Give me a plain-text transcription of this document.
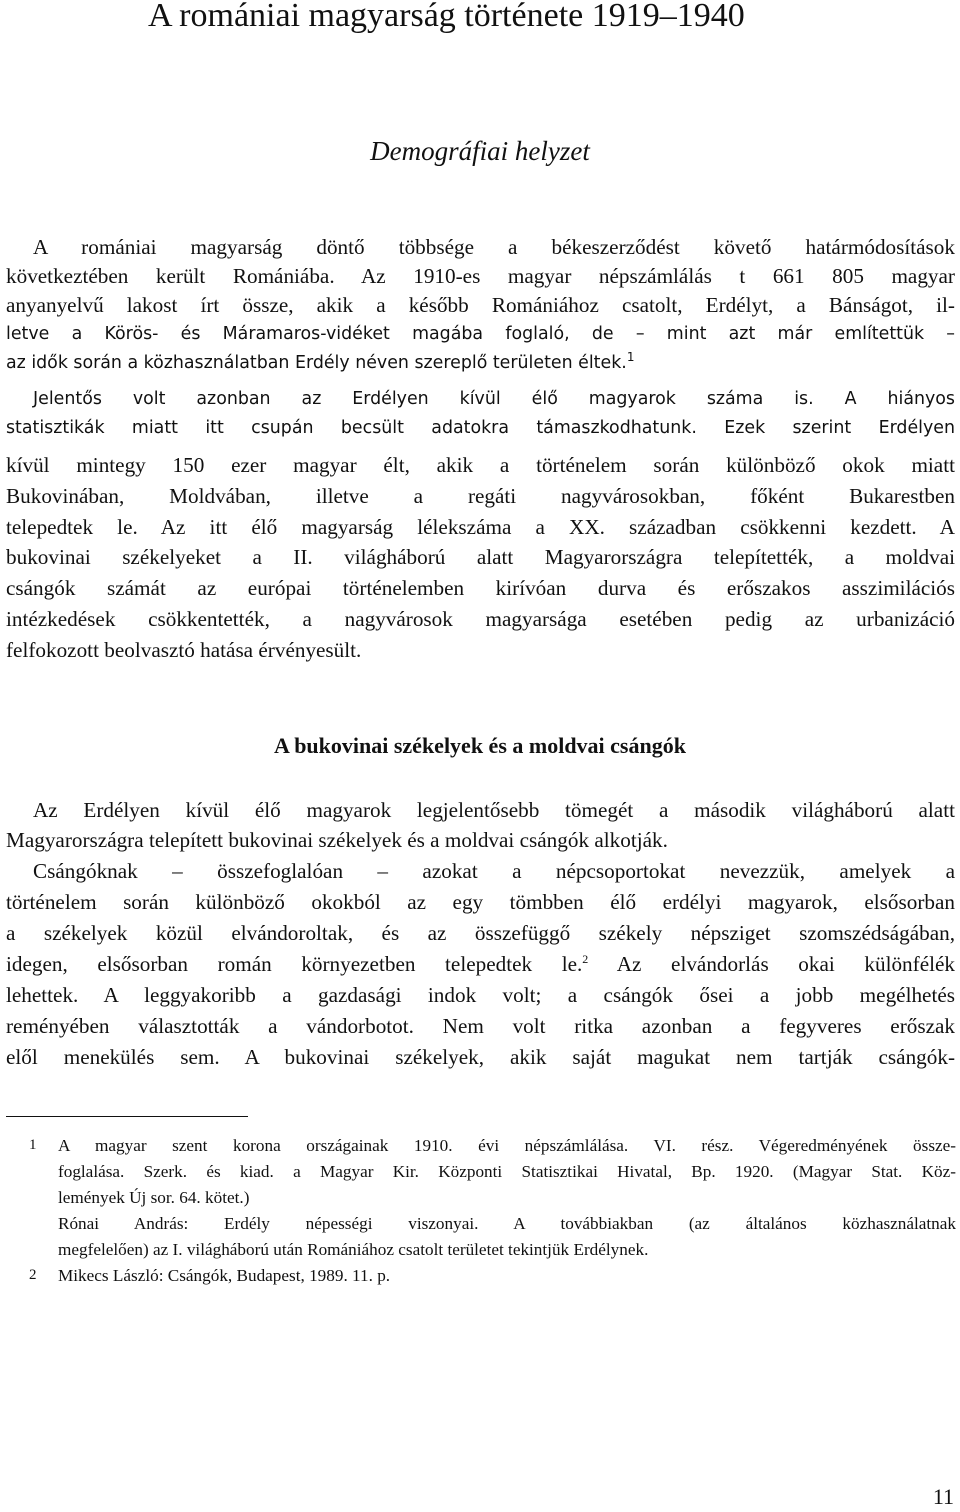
A romániai magyarság története 1919–1940
Demográfiai helyzet

A romániai magyarság döntő többsége a békeszerződést követő határmódosítások

következtében került Romániába. Az 1910-es magyar népszámlálás t 661 805 magyar

anyanyelvű lakost írt össze, akik a később Romániához csatolt, Erdélyt, a Bánságot, il-

letve a Körös- és Máramaros-vidéket magába foglaló, de – mint azt már említettük –

az idők során a közhasználatban Erdély néven szereplő területen éltek.$^1$

Jelentős volt azonban az Erdélyen kívül élő magyarok száma is. A hiányos

statisztikák miatt itt csupán becsült adatokra támaszkodhatunk. Ezek szerint Erdélyen

kívül mintegy 150 ezer magyar élt, akik a történelem során különböző okok miatt

Bukovinában, Moldvában, illetve a regáti nagyvárosokban, főként Bukarestben

telepedtek le. Az itt élő magyarság lélekszáma a XX. században csökkenni kezdett. A

bukovinai székelyeket a II. világháború alatt Magyarországra telepítették, a moldvai

csángók számát az európai történelemben kirívóan durva és erőszakos asszimilációs

intézkedések csökkentették, a nagyvárosok magyarsága esetében pedig az urbanizáció

felfokozott beolvasztó hatása érvényesült.

A bukovinai székelyek és a moldvai csángók

Az Erdélyen kívül élő magyarok legjelentősebb tömegét a második világháború alatt

Magyarországra telepített bukovinai székelyek és a moldvai csángók alkotják.

Csángóknak – összefoglalóan – azokat a népcsoportokat nevezzük, amelyek a

történelem során különböző okokból az egy tömbben élő erdélyi magyarok, elsősorban

a székelyek közül elvándoroltak, és az összefüggő székely népsziget szomszédságában,

idegen, elsősorban román környezetben telepedtek le.$^2$ Az elvándorlás okai különfélék

lehettek. A leggyakoribb a gazdasági indok volt; a csángók ősei a jobb megélhetés

reményében választották a vándorbotot. Nem volt ritka azonban a fegyveres erőszak

elől menekülés sem. A bukovinai székelyek, akik saját magukat nem tartják csángók-

1 A magyar szent korona országainak 1910. évi népszámlálása. VI. rész. Végeredményének össze-

foglalása. Szerk. és kiad. a Magyar Kir. Központi Statisztikai Hivatal, Bp. 1920. (Magyar Stat. Köz-

lemények Új sor. 64. kötet.)

Rónai András: Erdély népességi viszonyai. A továbbiakban (az általános közhasználatnak

megfelelően) az I. világháború után Romániához csatolt területet tekintjük Erdélynek.

2 Mikecs László: Csángók, Budapest, 1989. 11. p.

11
